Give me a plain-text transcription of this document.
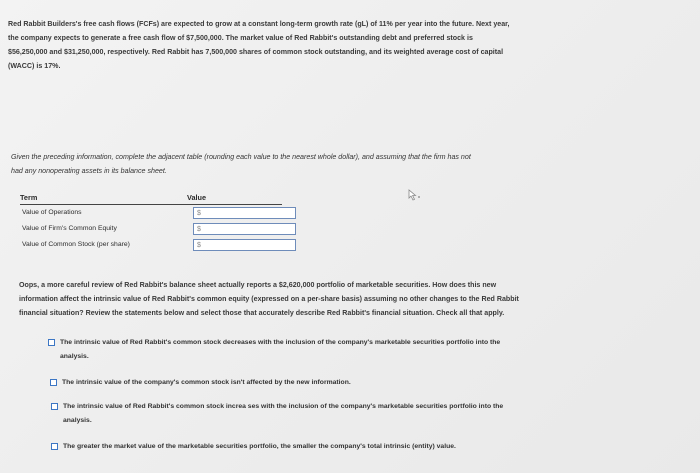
Red Rabbit Builders's free cash flows (FCFs) are expected to grow at a constant long-term growth rate (gL) of 11% per year into the future. Next year,
the company expects to generate a free cash flow of $7,500,000. The market value of Red Rabbit's outstanding debt and preferred stock is
$56,250,000 and $31,250,000, respectively. Red Rabbit has 7,500,000 shares of common stock outstanding, and its weighted average cost of capital
(WACC) is 17%.
Given the preceding information, complete the adjacent table (rounding each value to the nearest whole dollar), and assuming that the firm has not
had any nonoperating assets in its balance sheet.
Term	Value
Value of Operations	$
Value of Firm's Common Equity	$
Value of Common Stock (per share)	$
Oops, a more careful review of Red Rabbit's balance sheet actually reports a $2,620,000 portfolio of marketable securities. How does this new
information affect the intrinsic value of Red Rabbit's common equity (expressed on a per-share basis) assuming no other changes to the Red Rabbit
financial situation? Review the statements below and select those that accurately describe Red Rabbit's financial situation. Check all that apply.
The intrinsic value of Red Rabbit's common stock decreases with the inclusion of the company's marketable securities portfolio into the
analysis.
The intrinsic value of the company's common stock isn't affected by the new information.
The intrinsic value of Red Rabbit's common stock increa ses with the inclusion of the company's marketable securities portfolio into the
analysis.
The greater the market value of the marketable securities portfolio, the smaller the company's total intrinsic (entity) value.
